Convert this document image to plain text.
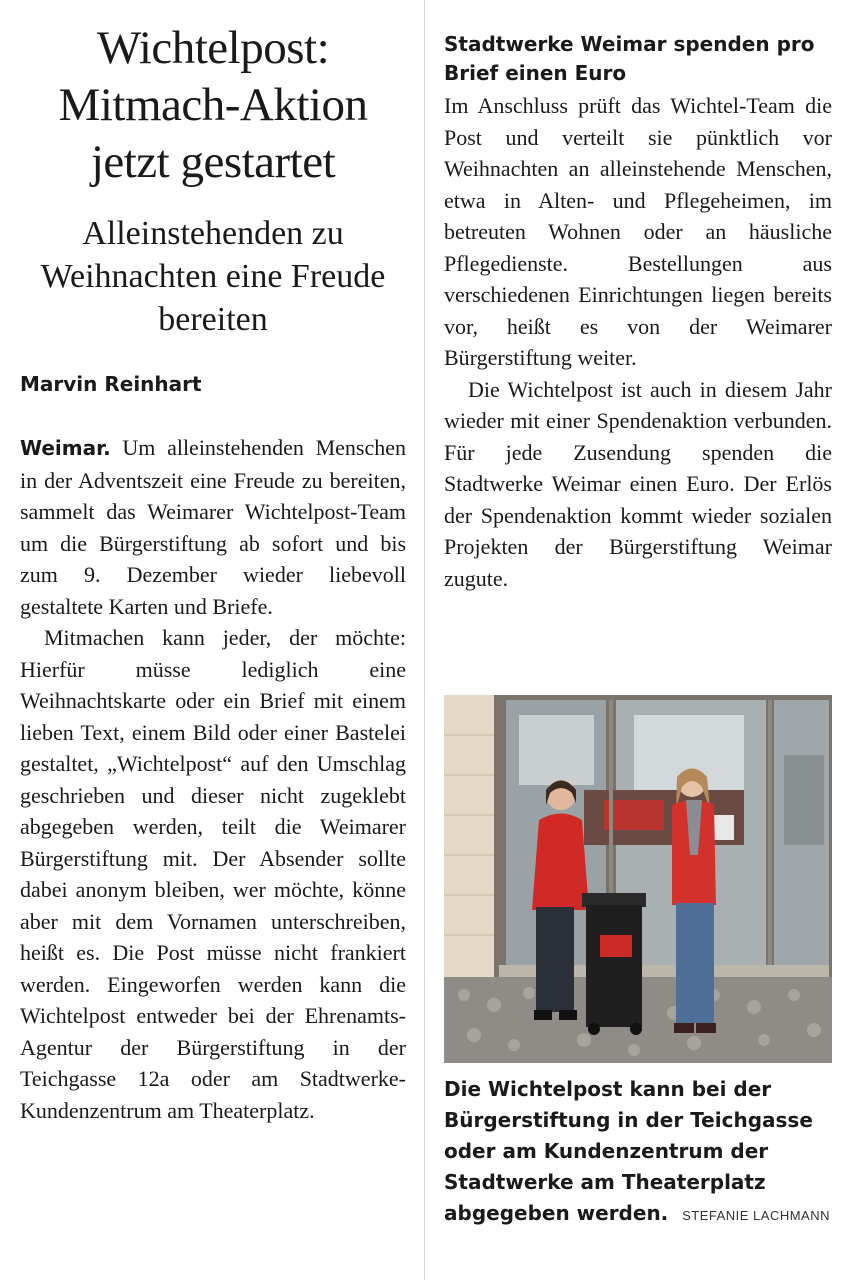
Wichtelpost: Mitmach-Aktion jetzt gestartet
Alleinstehenden zu Weihnachten eine Freude bereiten
Marvin Reinhart

Weimar. Um alleinstehenden Menschen in der Adventszeit eine Freude zu bereiten, sammelt das Weimarer Wichtelpost-Team um die Bürgerstiftung ab sofort und bis zum 9. Dezember wieder liebevoll gestaltete Karten und Briefe.

Mitmachen kann jeder, der möchte: Hierfür müsse lediglich eine Weihnachtskarte oder ein Brief mit einem lieben Text, einem Bild oder einer Bastelei gestaltet, „Wichtelpost“ auf den Umschlag geschrieben und dieser nicht zugeklebt abgegeben werden, teilt die Weimarer Bürgerstiftung mit. Der Absender sollte dabei anonym bleiben, wer möchte, könne aber mit dem Vornamen unterschreiben, heißt es. Die Post müsse nicht frankiert werden. Eingeworfen werden kann die Wichtelpost entweder bei der Ehrenamts-Agentur der Bürgerstiftung in der Teichgasse 12a oder am Stadtwerke-Kundenzentrum am Theaterplatz.

Stadtwerke Weimar spenden pro Brief einen Euro

Im Anschluss prüft das Wichtel-Team die Post und verteilt sie pünktlich vor Weihnachten an alleinstehende Menschen, etwa in Alten- und Pflegeheimen, im betreuten Wohnen oder an häusliche Pflegedienste. Bestellungen aus verschiedenen Einrichtungen liegen bereits vor, heißt es von der Weimarer Bürgerstiftung weiter.

Die Wichtelpost ist auch in diesem Jahr wieder mit einer Spendenaktion verbunden. Für jede Zusendung spenden die Stadtwerke Weimar einen Euro. Der Erlös der Spendenaktion kommt wieder sozialen Projekten der Bürgerstiftung Weimar zugute.

Die Wichtelpost kann bei der Bürgerstiftung in der Teichgasse oder am Kundenzentrum der Stadtwerke am Theaterplatz abgegeben werden.	STEFANIE LACHMANN
